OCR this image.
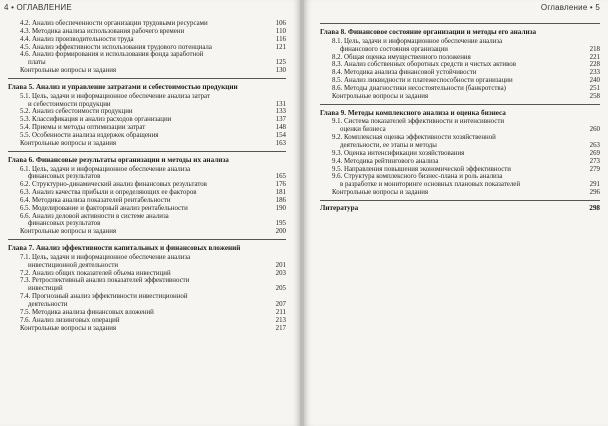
4 • ОГЛАВЛЕНИЕ
4.2. Анализ обеспеченности организации трудовыми ресурсами	106
4.3. Методика анализа использования рабочего времени	110
4.4. Анализ производительности труда	116
4.5. Анализ эффективности использования трудового потенциала	121
4.6. Анализ формирования и использования фонда заработной
платы	125
Контрольные вопросы и задания	130
Глава 5. Анализ и управление затратами и себестоимостью продукции
5.1. Цель, задачи и информационное обеспечение анализа затрат
и себестоимости продукции	131
5.2. Анализ себестоимости продукции	133
5.3. Классификация и анализ расходов организации	137
5.4. Приемы и методы оптимизации затрат	148
5.5. Особенности анализа издержек обращения	154
Контрольные вопросы и задания	163
Глава 6. Финансовые результаты организации и методы их анализа
6.1. Цель, задачи и информационное обеспечение анализа
финансовых результатов	165
6.2. Структурно-динамический анализ финансовых результатов	176
6.3. Анализ качества прибыли и определяющих ее факторов	181
6.4. Методика анализа показателей рентабельности	186
6.5. Моделирование и факторный анализ рентабельности	190
6.6. Анализ деловой активности в системе анализа
финансовых результатов	195
Контрольные вопросы и задания	200
Глава 7. Анализ эффективности капитальных и финансовых вложений
7.1. Цель, задачи и информационное обеспечение анализа
инвестиционной деятельности	201
7.2. Анализ общих показателей объема инвестиций	203
7.3. Ретроспективный анализ показателей эффективности
инвестиций	205
7.4. Прогнозный анализ эффективности инвестиционной
деятельности	207
7.5. Методика анализа финансовых вложений	211
7.6. Анализ лизинговых операций	213
Контрольные вопросы и задания	217
Оглавление • 5
Глава 8. Финансовое состояние организации и методы его анализа
8.1. Цель, задачи и информационное обеспечение анализа
финансового состояния организации	218
8.2. Общая оценка имущественного положения	221
8.3. Анализ собственных оборотных средств и чистых активов	228
8.4. Методика анализа финансовой устойчивости	233
8.5. Анализ ликвидности и платежеспособности организации	240
8.6. Методы диагностики несостоятельности (банкротства)	251
Контрольные вопросы и задания	258
Глава 9. Методы комплексного анализа и оценка бизнеса
9.1. Система показателей эффективности и интенсивности
оценки бизнеса	260
9.2. Комплексная оценка эффективности хозяйственной
деятельности, ее этапы и методы	263
9.3. Оценка интенсификации хозяйствования	269
9.4. Методика рейтингового анализа	273
9.5. Направления повышения экономической эффективности	279
9.6. Структура комплексного бизнес-плана и роль анализа
в разработке и мониторинге основных плановых показателей	291
Контрольные вопросы и задания	296
Литература	298
